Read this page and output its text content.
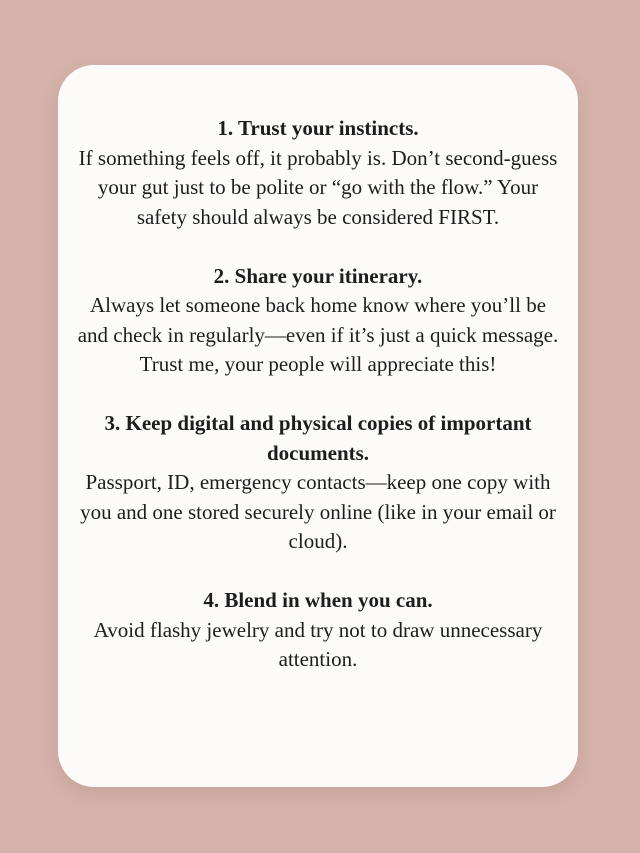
1. Trust your instincts.

If something feels off, it probably is. Don’t second-guess your gut just to be polite or “go with the flow.” Your safety should always be considered FIRST.

2. Share your itinerary.

Always let someone back home know where you’ll be and check in regularly—even if it’s just a quick message. Trust me, your people will appreciate this!

3. Keep digital and physical copies of important documents.

Passport, ID, emergency contacts—keep one copy with you and one stored securely online (like in your email or cloud).

4. Blend in when you can.

Avoid flashy jewelry and try not to draw unnecessary attention.
